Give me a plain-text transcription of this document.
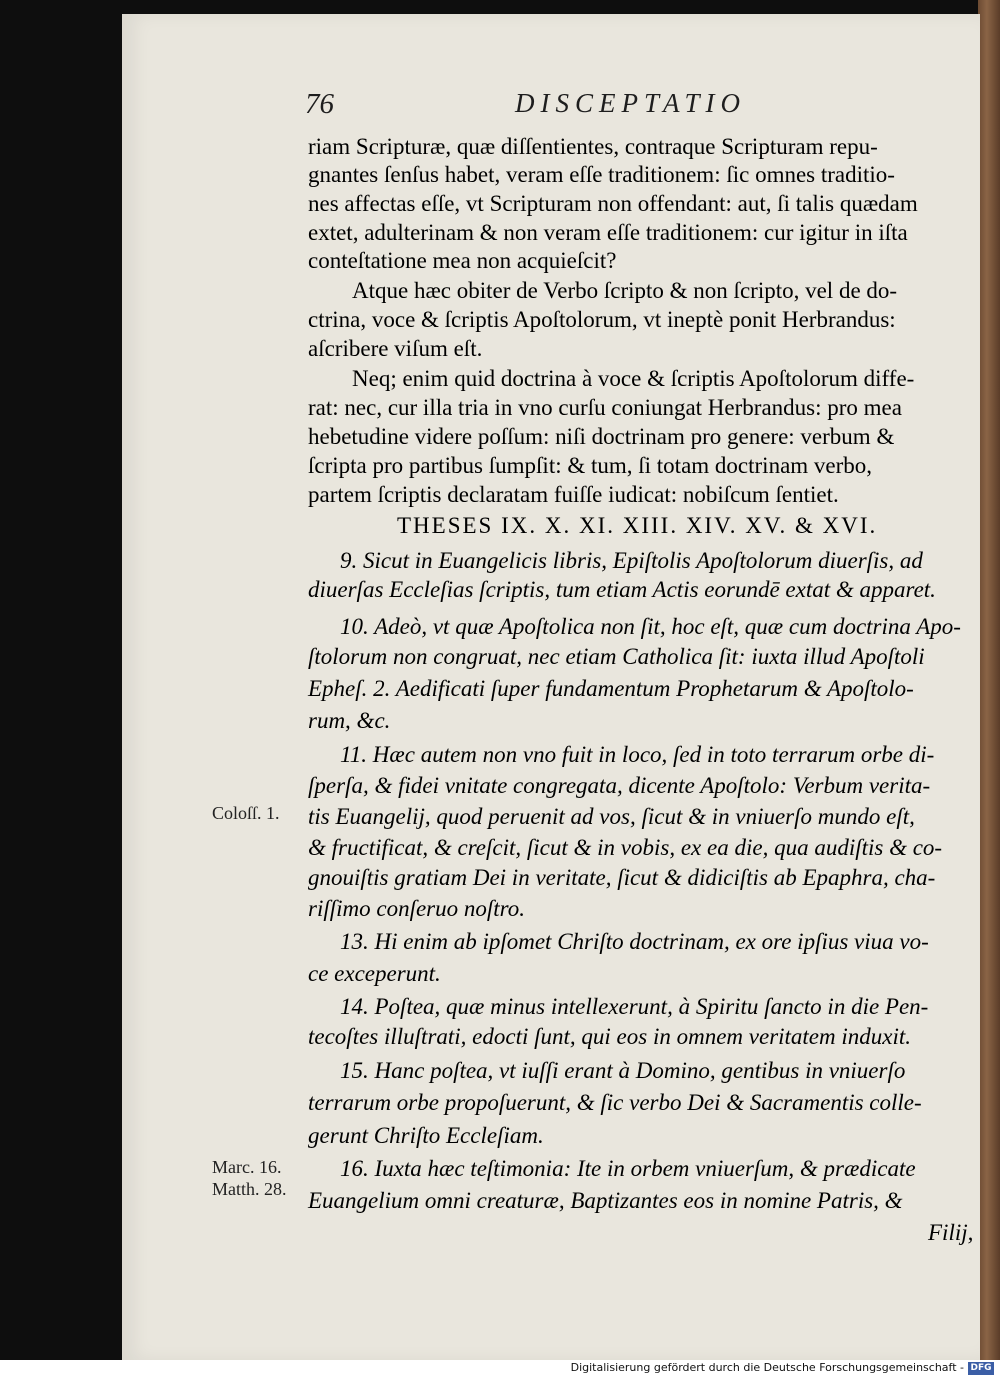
76	DISCEPTATIO
riam Scripturæ, quæ diſſentientes, contraque Scripturam repu-
gnantes ſenſus habet, veram eſſe traditionem: ſic omnes traditio-
nes affectas eſſe, vt Scripturam non offendant: aut, ſi talis quædam
extet, adulterinam & non veram eſſe traditionem: cur igitur in iſta
conteſtatione mea non acquieſcit?
Atque hæc obiter de Verbo ſcripto & non ſcripto, vel de do-
ctrina, voce & ſcriptis Apoſtolorum, vt ineptè ponit Herbrandus:
aſcribere viſum eſt.
Neq; enim quid doctrina à voce & ſcriptis Apoſtolorum diffe-
rat: nec, cur illa tria in vno curſu coniungat Herbrandus: pro mea
hebetudine videre poſſum: niſi doctrinam pro genere: verbum &
ſcripta pro partibus ſumpſit: & tum, ſi totam doctrinam verbo,
partem ſcriptis declaratam fuiſſe iudicat: nobiſcum ſentiet.
THESES IX. X. XI. XIII. XIV. XV. & XVI.
9. Sicut in Euangelicis libris, Epiſtolis Apoſtolorum diuerſis, ad
diuerſas Eccleſias ſcriptis, tum etiam Actis eorundē extat & apparet.
10. Adeò, vt quæ Apoſtolica non ſit, hoc eſt, quæ cum doctrina Apo-
ſtolorum non congruat, nec etiam Catholica ſit: iuxta illud Apoſtoli
Epheſ. 2. Aedificati ſuper fundamentum Prophetarum & Apoſtolo-
rum, &c.
11. Hæc autem non vno fuit in loco, ſed in toto terrarum orbe di-
ſperſa, & fidei vnitate congregata, dicente Apoſtolo: Verbum verita-
tis Euangelij, quod peruenit ad vos, ſicut & in vniuerſo mundo eſt,
& fructificat, & creſcit, ſicut & in vobis, ex ea die, qua audiſtis & co-
gnouiſtis gratiam Dei in veritate, ſicut & didiciſtis ab Epaphra, cha-
riſſimo conſeruo noſtro.
13. Hi enim ab ipſomet Chriſto doctrinam, ex ore ipſius viua vo-
ce exceperunt.
14. Poſtea, quæ minus intellexerunt, à Spiritu ſancto in die Pen-
tecoſtes illuſtrati, edocti ſunt, qui eos in omnem veritatem induxit.
15. Hanc poſtea, vt iuſſi erant à Domino, gentibus in vniuerſo
terrarum orbe propoſuerunt, & ſic verbo Dei & Sacramentis colle-
gerunt Chriſto Eccleſiam.
16. Iuxta hæc teſtimonia: Ite in orbem vniuerſum, & prædicate
Euangelium omni creaturæ, Baptizantes eos in nomine Patris, &
Filij,
Coloſſ. 1.
Marc. 16.
Matth. 28.
Digitalisierung gefördert durch die Deutsche Forschungsgemeinschaft - DFG
